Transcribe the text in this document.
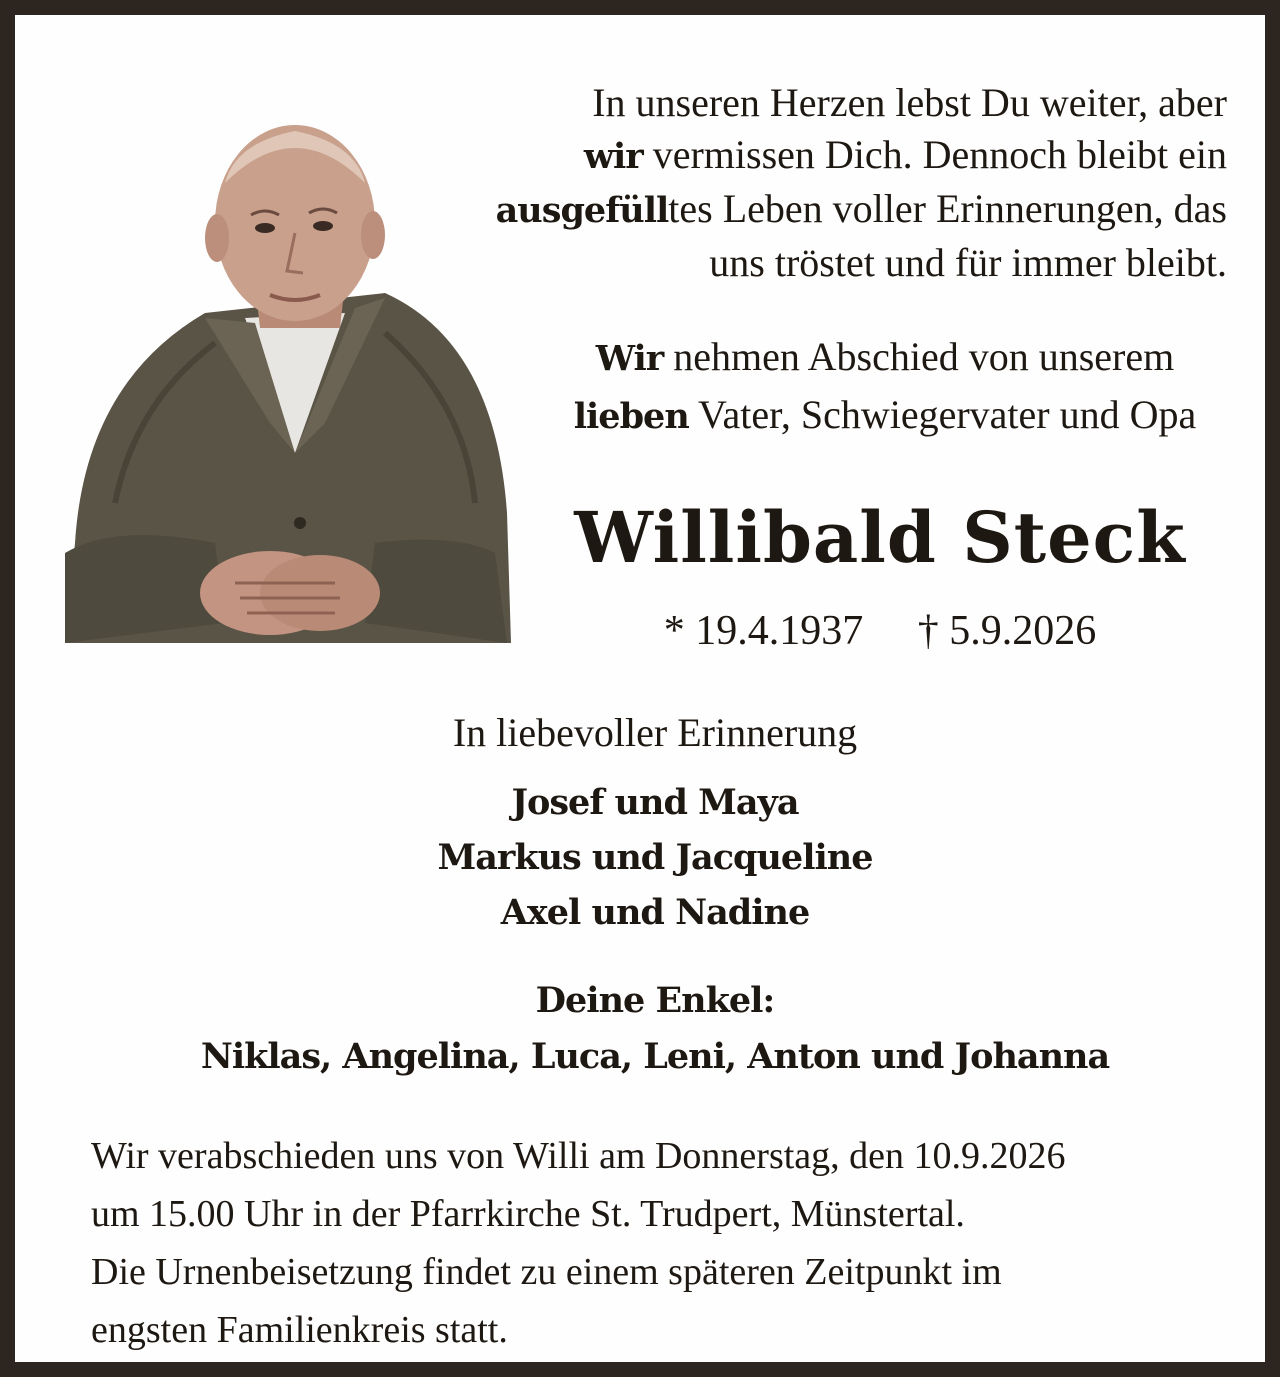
In unseren Herzen lebst Du weiter, aber
wir vermissen Dich. Dennoch bleibt ein
ausgefülltes Leben voller Erinnerungen, das
uns tröstet und für immer bleibt.
Wir nehmen Abschied von unserem
lieben Vater, Schwiegervater und Opa
Willibald Steck
* 19.4.1937 † 5.9.2026
In liebevoller Erinnerung
Josef und Maya
Markus und Jacqueline
Axel und Nadine
Deine Enkel:
Niklas, Angelina, Luca, Leni, Anton und Johanna
Wir verabschieden uns von Willi am Donnerstag, den 10.9.2026
um 15.00 Uhr in der Pfarrkirche St. Trudpert, Münstertal.
Die Urnenbeisetzung findet zu einem späteren Zeitpunkt im
engsten Familienkreis statt.
